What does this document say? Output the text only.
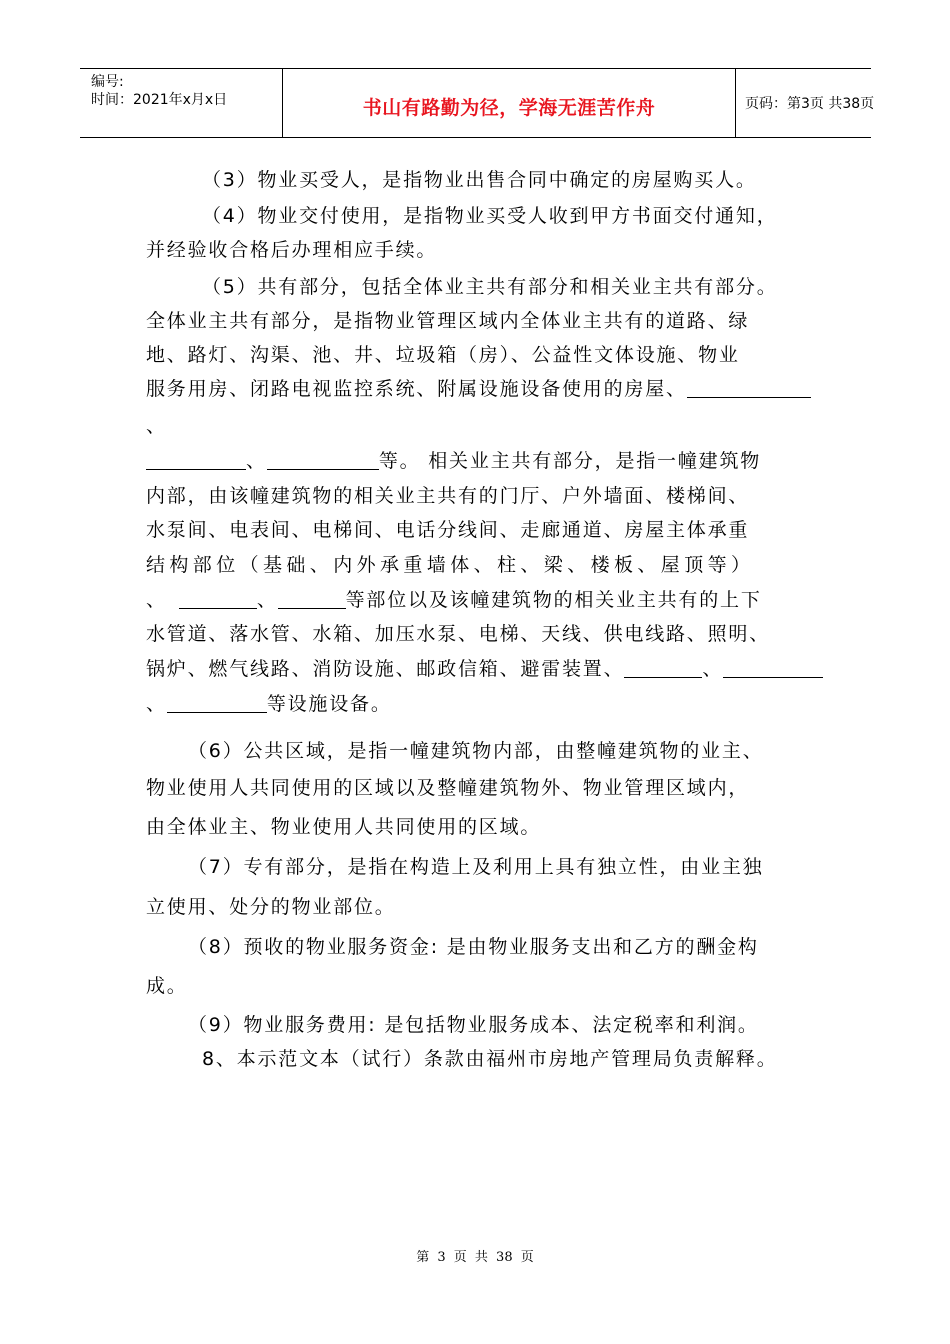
编号:
时间：2021年x月x日	书山有路勤为径，学海无涯苦作舟	页码：第3页 共38页
（3）物业买受人，是指物业出售合同中确定的房屋购买人。
（4）物业交付使用，是指物业买受人收到甲方书面交付通知，
并经验收合格后办理相应手续。
（5）共有部分，包括全体业主共有部分和相关业主共有部分。
全体业主共有部分，是指物业管理区域内全体业主共有的道路、绿
地、路灯、沟渠、池、井、垃圾箱（房）、公益性文体设施、物业
服务用房、闭路电视监控系统、附属设施设备使用的房屋、
、
、	等。 相关业主共有部分，是指一幢建筑物
内部，由该幢建筑物的相关业主共有的门厅、户外墙面、楼梯间、
水泵间、电表间、电梯间、电话分线间、走廊通道、房屋主体承重
结构部位（基础、内外承重墙体、柱、梁、楼板、屋顶等）
、	、	等部位以及该幢建筑物的相关业主共有的上下
水管道、落水管、水箱、加压水泵、电梯、天线、供电线路、照明、
锅炉、燃气线路、消防设施、邮政信箱、避雷装置、	、
、	等设施设备。
（6）公共区域，是指一幢建筑物内部，由整幢建筑物的业主、
物业使用人共同使用的区域以及整幢建筑物外、物业管理区域内，
由全体业主、物业使用人共同使用的区域。
（7）专有部分，是指在构造上及利用上具有独立性，由业主独
立使用、处分的物业部位。
（8）预收的物业服务资金: 是由物业服务支出和乙方的酬金构
成。
（9）物业服务费用: 是包括物业服务成本、法定税率和利润。
8、本示范文本（试行）条款由福州市房地产管理局负责解释。
第 3 页 共 38 页
